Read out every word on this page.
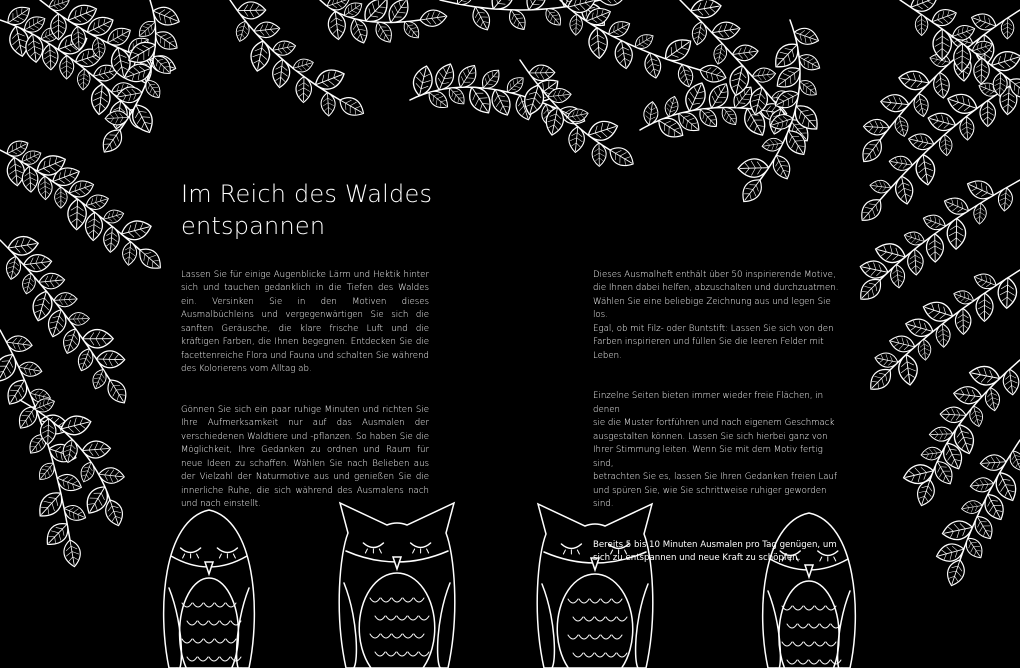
Im Reich des Waldes
entspannen

Lassen Sie für einige Augenblicke Lärm und Hektik hinter sich und tauchen gedanklich in die Tiefen des Waldes ein. Versinken Sie in den Motiven dieses Ausmalbüchleins und vergegenwärtigen Sie sich die sanften Geräusche, die klare frische Luft und die kräftigen Farben, die Ihnen begegnen. Entdecken Sie die facettenreiche Flora und Fauna und schalten Sie während des Kolorierens vom Alltag ab.

Gönnen Sie sich ein paar ruhige Minuten und richten Sie Ihre Aufmerksamkeit nur auf das Ausmalen der verschiedenen Waldtiere und -pflanzen. So haben Sie die Möglichkeit, Ihre Gedanken zu ordnen und Raum für neue Ideen zu schaffen. Wählen Sie nach Belieben aus der Vielzahl der Naturmotive aus und genießen Sie die innerliche Ruhe, die sich während des Ausmalens nach und nach einstellt.

Dieses Ausmalheft enthält über 50 inspirierende Motive,
die Ihnen dabei helfen, abzuschalten und durchzuatmen.
Wählen Sie eine beliebige Zeichnung aus und legen Sie los.
Egal, ob mit Filz- oder Buntstift: Lassen Sie sich von den
Farben inspirieren und füllen Sie die leeren Felder mit Leben.

Einzelne Seiten bieten immer wieder freie Flächen, in denen
sie die Muster fortführen und nach eigenem Geschmack
ausgestalten können. Lassen Sie sich hierbei ganz von
Ihrer Stimmung leiten. Wenn Sie mit dem Motiv fertig sind,
betrachten Sie es, lassen Sie Ihren Gedanken freien Lauf
und spüren Sie, wie Sie schrittweise ruhiger geworden sind.

Bereits 5 bis 10 Minuten Ausmalen pro Tag genügen, um
sich zu entspannen und neue Kraft zu schöpfen.
